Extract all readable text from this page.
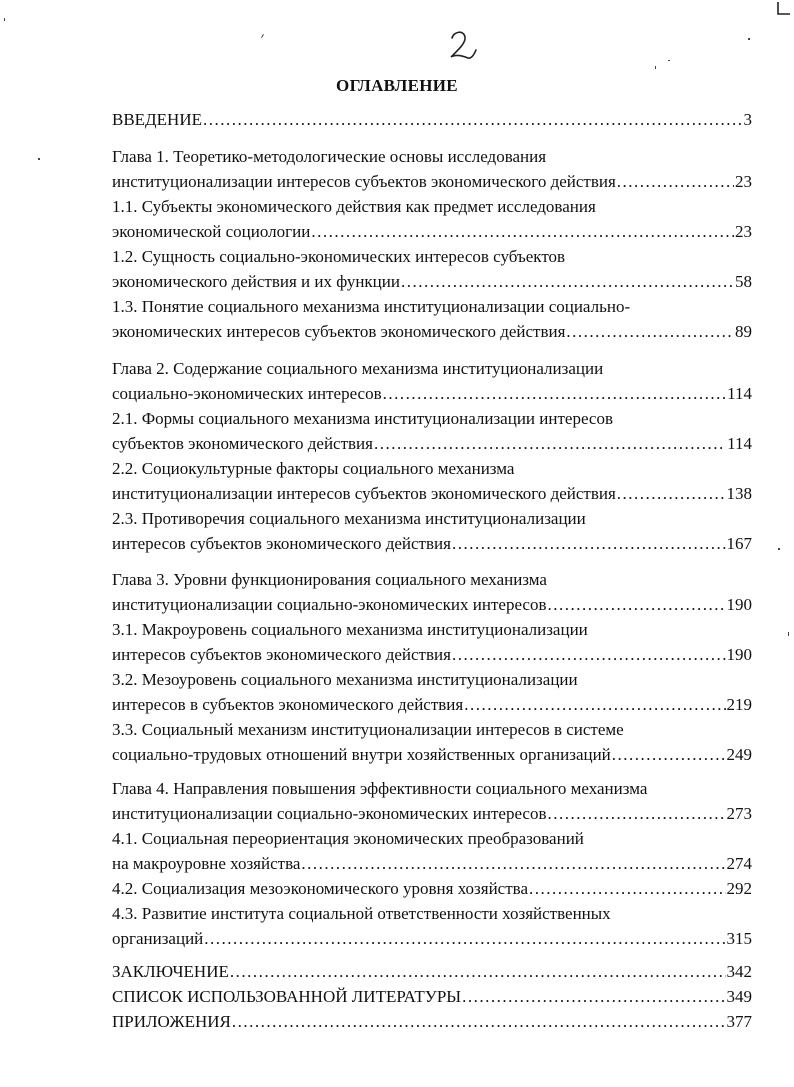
ОГЛАВЛЕНИЕ
ВВЕДЕНИЕ .....	3
Глава 1. Теоретико-методологические основы исследования
институционализации интересов субъектов экономического действия .....	23
1.1. Субъекты экономического действия как предмет исследования
экономической социологии .....	23
1.2. Сущность социально-экономических интересов субъектов
экономического действия и их функции .....	58
1.3. Понятие социального механизма институционализации социально-
экономических интересов субъектов экономического действия .....	89
Глава 2. Содержание социального механизма институционализации
социально-экономических интересов .....	114
2.1. Формы социального механизма институционализации интересов
субъектов экономического действия .....	114
2.2. Социокультурные факторы социального механизма
институционализации интересов субъектов экономического действия .....	138
2.3. Противоречия социального механизма институционализации
интересов субъектов экономического действия .....	167
Глава 3. Уровни функционирования социального механизма
институционализации социально-экономических интересов .....	190
3.1. Макроуровень социального механизма институционализации
интересов субъектов экономического действия .....	190
3.2. Мезоуровень социального механизма институционализации
интересов в субъектов экономического действия .....	219
3.3. Социальный механизм институционализации интересов в системе
социально-трудовых отношений внутри хозяйственных организаций .....	249
Глава 4. Направления повышения эффективности социального механизма
институционализации социально-экономических интересов .....	273
4.1. Социальная переориентация экономических преобразований
на макроуровне хозяйства .....	274
4.2. Социализация мезоэкономического уровня хозяйства .....	292
4.3. Развитие института социальной ответственности хозяйственных
организаций .....	315
ЗАКЛЮЧЕНИЕ .....	342
СПИСОК ИСПОЛЬЗОВАННОЙ ЛИТЕРАТУРЫ .....	349
ПРИЛОЖЕНИЯ .....	377
